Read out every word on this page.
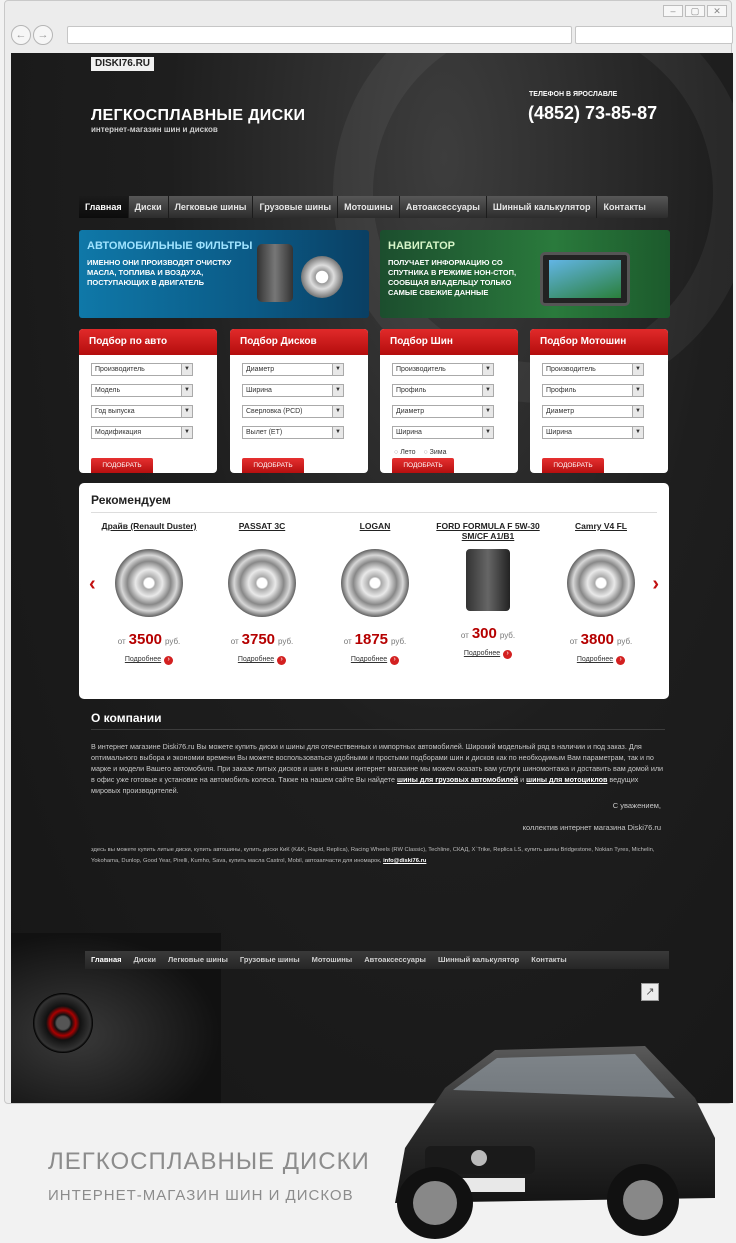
–	▢	✕
←	→
DISKI76.RU
ЛЕГКОСПЛАВНЫЕ ДИСКИ
интернет-магазин шин и дисков
ТЕЛЕФОН В ЯРОСЛАВЛЕ
(4852) 73-85-87
Главная	Диски	Легковые шины	Грузовые шины	Мотошины	Автоаксессуары	Шинный калькулятор	Контакты
АВТОМОБИЛЬНЫЕ ФИЛЬТРЫ

ИМЕННО ОНИ ПРОИЗВОДЯТ ОЧИСТКУ МАСЛА, ТОПЛИВА И ВОЗДУХА, ПОСТУПАЮЩИХ В ДВИГАТЕЛЬ

НАВИГАТОР

ПОЛУЧАЕТ ИНФОРМАЦИЮ СО СПУТНИКА В РЕЖИМЕ НОН-СТОП, СООБЩАЯ ВЛАДЕЛЬЦУ ТОЛЬКО САМЫЕ СВЕЖИЕ ДАННЫЕ

Подбор по авто
Производитель	▼
Модель	▼
Год выпуска	▼
Модификация	▼
ПОДОБРАТЬ
Подбор Дисков
Диаметр	▼
Ширина	▼
Сверловка (PCD)	▼
Вылет (ET)	▼
ПОДОБРАТЬ
Подбор Шин
Производитель	▼
Профиль	▼
Диаметр	▼
Ширина	▼
○ Лето
○	Зима
ПОДОБРАТЬ
Подбор Мотошин
Производитель	▼
Профиль	▼
Диаметр	▼
Ширина	▼
ПОДОБРАТЬ
Рекомендуем
‹	›
Драйв (Renault Duster)
от 3500 руб.
Подробнее ›
PASSAT 3C
от 3750 руб.
Подробнее ›
LOGAN
от 1875 руб.
Подробнее ›
FORD FORMULA F 5W-30 SM/CF A1/B1
от 300 руб.
Подробнее ›
Camry V4 FL
от 3800 руб.
Подробнее ›
О компании
В интернет магазине Diski76.ru Вы можете купить диски и шины для отечественных и импортных автомобилей. Широкий модельный ряд в наличии и под заказ. Для оптимального выбора и экономии времени Вы можете воспользоваться удобными и простыми подборами шин и дисков как по необходимым Вам параметрам, так и по марке и модели Вашего автомобиля. При заказе литых дисков и шин в нашем интернет магазине мы можем оказать вам услуги шиномонтажа и доставить вам домой или в офис уже готовые к установке на автомобиль колеса. Также на нашем сайте Вы найдете шины для грузовых автомобилей и шины для мотоциклов ведущих мировых производителей.
С уважением,
коллектив интернет магазина Diski76.ru
здесь вы можете купить литые диски, купить автошины, купить диски КиК (K&K, Rapid, Replica), Racing Wheels (RW Classic), Techline, СКАД, X`Trike, Replica LS, купить шины Bridgestone, Nokian Tyres, Michelin, Yokohama, Dunlop, Good Year, Pirelli, Kumho, Sava, купить масла Castrol, Mobil, автозапчасти для иномарок, info@diski76.ru
Главная	Диски	Легковые шины	Грузовые шины	Мотошины	Автоаксессуары	Шинный калькулятор	Контакты
↗
ЛЕГКОСПЛАВНЫЕ ДИСКИ
ИНТЕРНЕТ-МАГАЗИН ШИН И ДИСКОВ
